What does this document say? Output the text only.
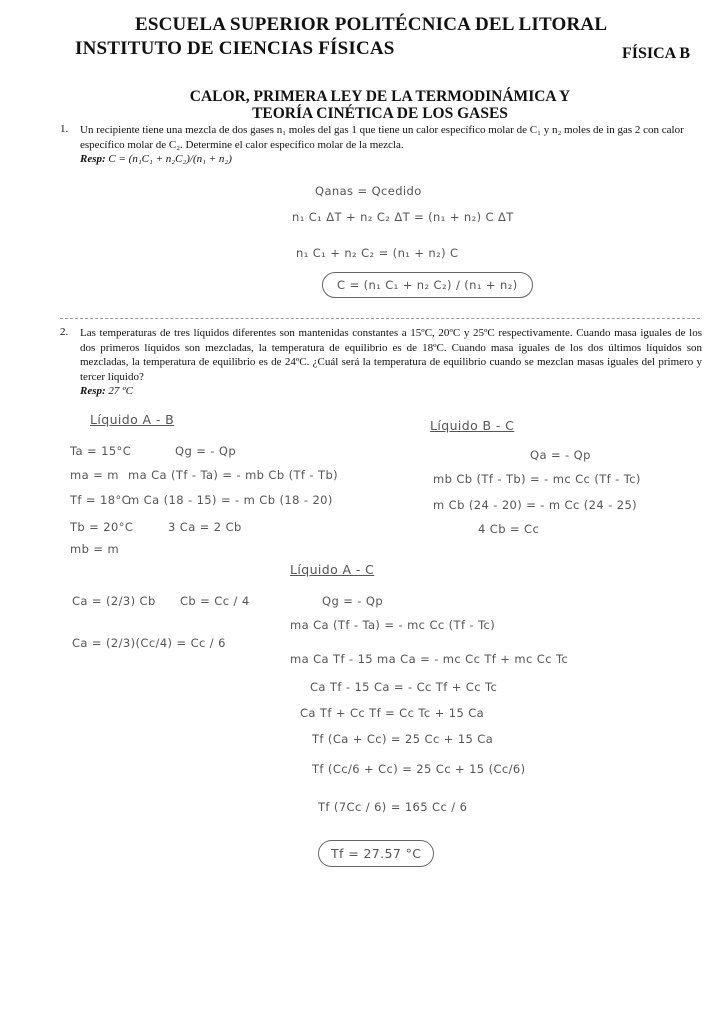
ESCUELA SUPERIOR POLITÉCNICA DEL LITORAL
INSTITUTO DE CIENCIAS FÍSICAS	FÍSICA B
CALOR, PRIMERA LEY DE LA TERMODINÁMICA Y
TEORÍA CINÉTICA DE LOS GASES
1. Un recipiente tiene una mezcla de dos gases n₁ moles del gas 1 que tiene un calor específico molar de C₁ y n₂ moles de in gas 2 con calor específico molar de C₂. Determine el calor específico molar de la mezcla.
Resp: C = (n₁C₁ + n₂C₂)/(n₁ + n₂)
Qanas = Qcedido
n₁ C₁ ΔT + n₂ C₂ ΔT = (n₁ + n₂) C ΔT
n₁ C₁ + n₂ C₂ = (n₁ + n₂) C
C = (n₁ C₁ + n₂ C₂) / (n₁ + n₂)
2. Las temperaturas de tres líquidos diferentes son mantenidas constantes a 15ºC, 20ºC y 25ºC respectivamente. Cuando masa iguales de los dos primeros líquidos son mezcladas, la temperatura de equilibrio es de 18ºC. Cuando masa iguales de los dos últimos líquidos son mezcladas, la temperatura de equilibrio es de 24ºC. ¿Cuál será la temperatura de equilibrio cuando se mezclan masas iguales del primero y tercer líquido?
Resp: 27 ºC
Líquido A - B
Ta = 15°C
ma = m
Tf = 18°C
Tb = 20°C
mb = m
Qg = - Qp
ma Ca (Tf - Ta) = - mb Cb (Tf - Tb)
m Ca (18 - 15) = - m Cb (18 - 20)
3 Ca = 2 Cb
Líquido B - C
Qa = - Qp
mb Cb (Tf - Tb) = - mc Cc (Tf - Tc)
m Cb (24 - 20) = - m Cc (24 - 25)
4 Cb = Cc
Ca = (2/3) Cb Cb = Cc / 4
Ca = (2/3)(Cc/4) = Cc / 6
Líquido A - C
Qg = - Qp
ma Ca (Tf - Ta) = - mc Cc (Tf - Tc)
ma Ca Tf - 15 ma Ca = - mc Cc Tf + mc Cc Tc
Ca Tf - 15 Ca = - Cc Tf + Cc Tc
Ca Tf + Cc Tf = Cc Tc + 15 Ca
Tf (Ca + Cc) = 25 Cc + 15 Ca
Tf (Cc/6 + Cc) = 25 Cc + 15 (Cc/6)
Tf (7Cc / 6) = 165 Cc / 6
Tf = 27.57 °C
